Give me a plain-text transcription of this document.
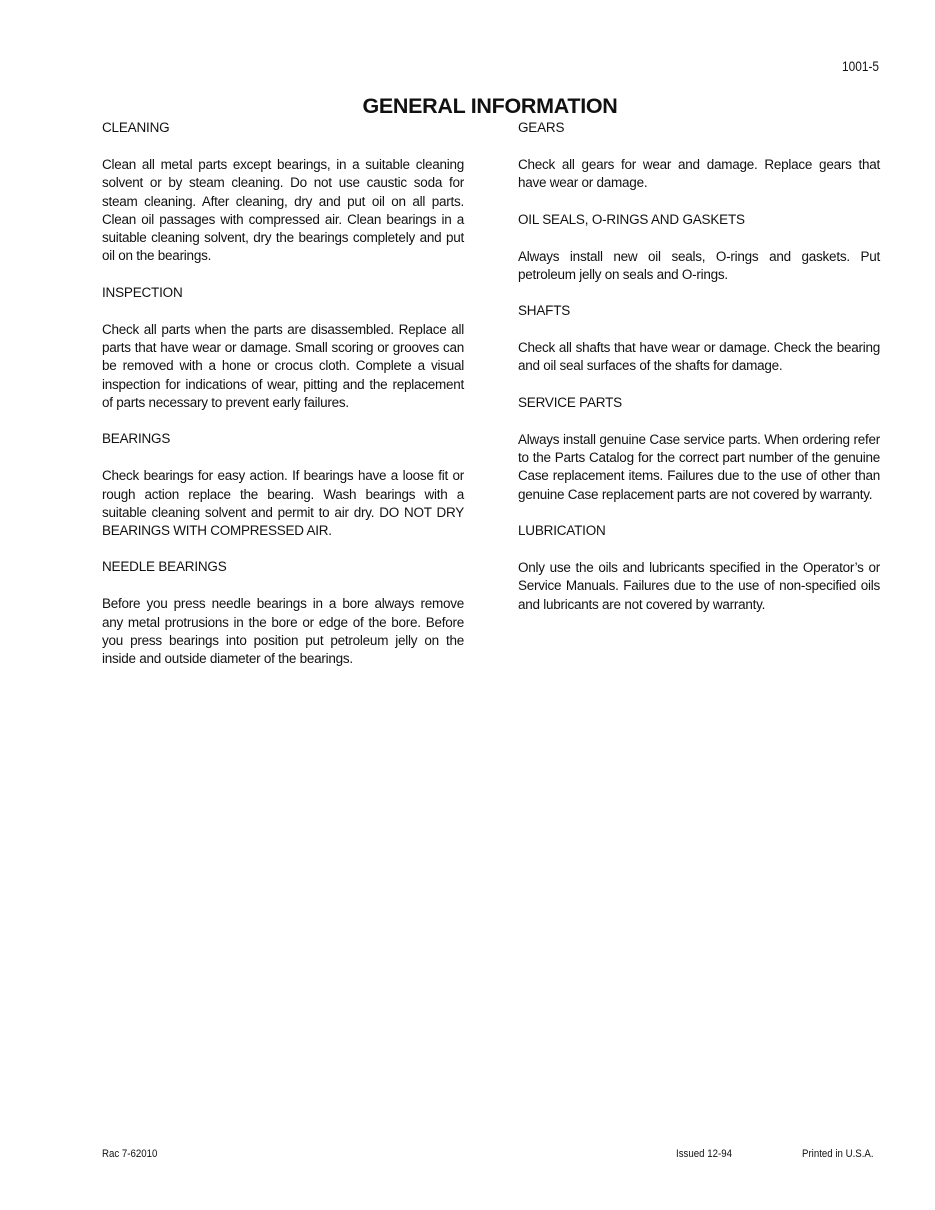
1001-5
GENERAL INFORMATION

CLEANING

Clean all metal parts except bearings, in a suitable cleaning solvent or by steam cleaning. Do not use caustic soda for steam cleaning. After cleaning, dry and put oil on all parts. Clean oil passages with compressed air. Clean bearings in a suitable cleaning solvent, dry the bearings completely and put oil on the bearings.

INSPECTION

Check all parts when the parts are disassembled. Replace all parts that have wear or damage. Small scoring or grooves can be removed with a hone or crocus cloth. Complete a visual inspection for indications of wear, pitting and the replacement of parts necessary to prevent early failures.

BEARINGS

Check bearings for easy action. If bearings have a loose fit or rough action replace the bearing. Wash bearings with a suitable cleaning solvent and permit to air dry. DO NOT DRY BEARINGS WITH COMPRESSED AIR.

NEEDLE BEARINGS

Before you press needle bearings in a bore always remove any metal protrusions in the bore or edge of the bore. Before you press bearings into position put petroleum jelly on the inside and outside diameter of the bearings.

GEARS

Check all gears for wear and damage. Replace gears that have wear or damage.

OIL SEALS, O-RINGS AND GASKETS

Always install new oil seals, O-rings and gaskets. Put petroleum jelly on seals and O-rings.

SHAFTS

Check all shafts that have wear or damage. Check the bearing and oil seal surfaces of the shafts for damage.

SERVICE PARTS

Always install genuine Case service parts. When ordering refer to the Parts Catalog for the correct part number of the genuine Case replacement items. Failures due to the use of other than genuine Case replacement parts are not covered by warranty.

LUBRICATION

Only use the oils and lubricants specified in the Operator’s or Service Manuals. Failures due to the use of non-specified oils and lubricants are not covered by warranty.

Rac 7-62010	Issued 12-94	Printed in U.S.A.
